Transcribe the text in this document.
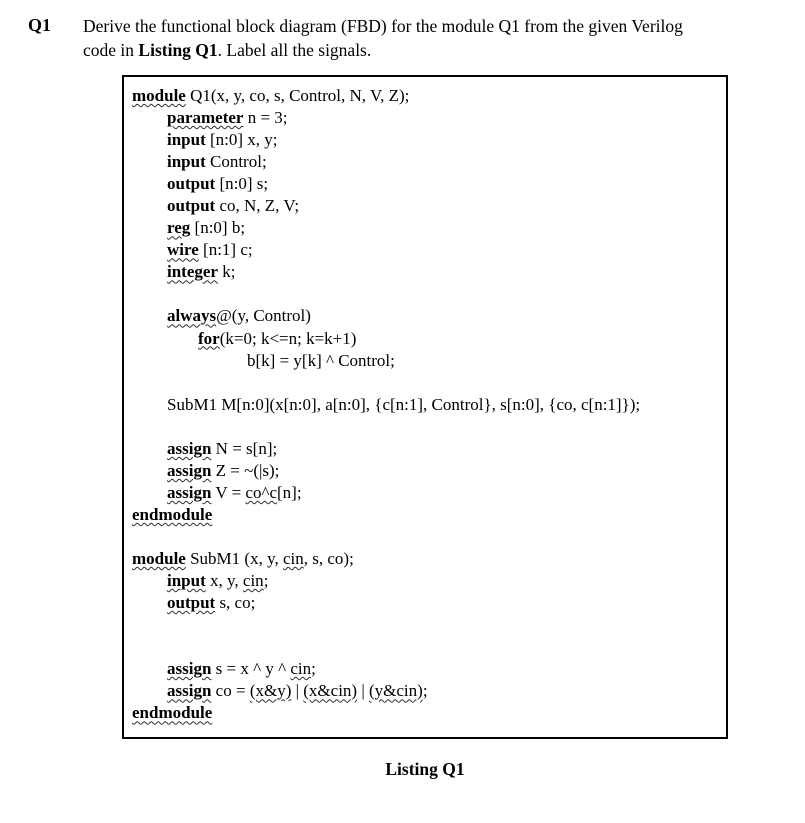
Q1 Derive the functional block diagram (FBD) for the module Q1 from the given Verilog
code in Listing Q1. Label all the signals.
module Q1(x, y, co, s, Control, N, V, Z);
parameter n = 3;
input [n:0] x, y;
input Control;
output [n:0] s;
output co, N, Z, V;
reg [n:0] b;
wire [n:1] c;
integer k;

always@(y, Control)
for(k=0; k<=n; k=k+1)
b[k] = y[k] ^ Control;

SubM1 M[n:0](x[n:0], a[n:0], {c[n:1], Control}, s[n:0], {co, c[n:1]});

assign N = s[n];
assign Z = ~(|s);
assign V = co^c[n];
endmodule

module SubM1 (x, y, cin, s, co);
input x, y, cin;
output s, co;

assign s = x ^ y ^ cin;
assign co = (x&y) | (x&cin) | (y&cin);
endmodule
Listing Q1
